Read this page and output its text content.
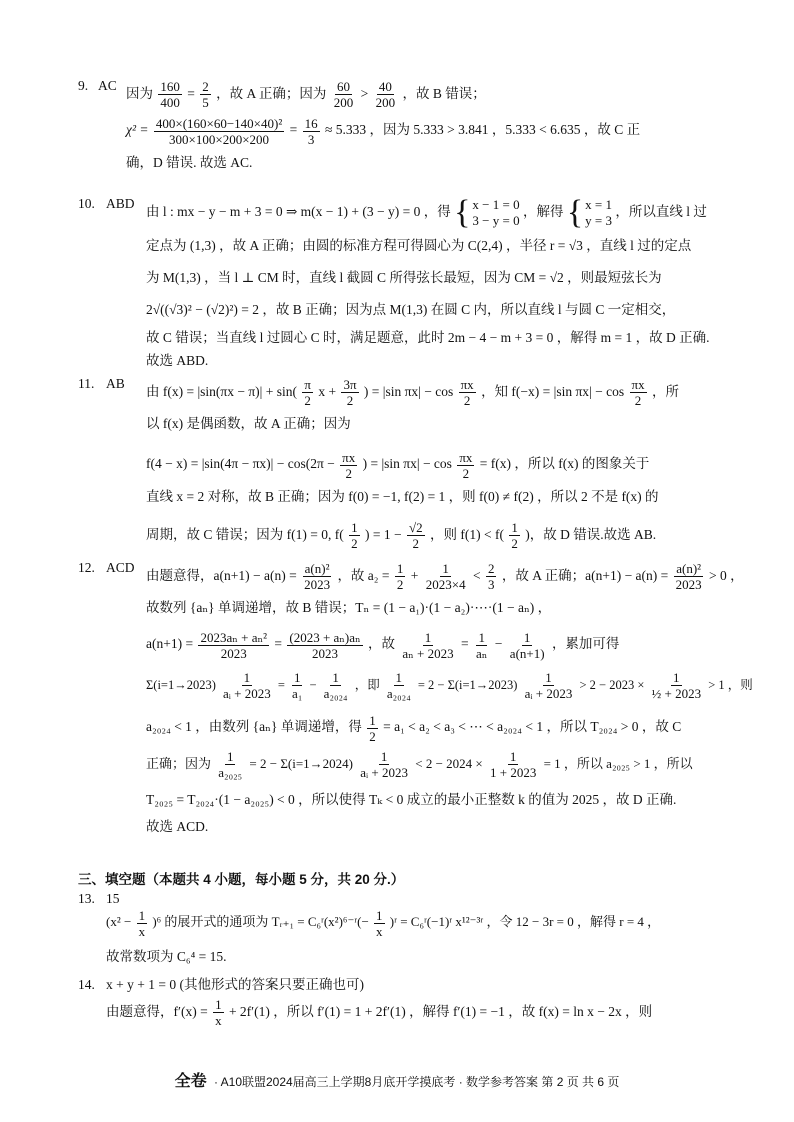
9. AC
因为 $\frac{160}{400} = \frac{2}{5}$ ，故 A 正确；因为 $\frac{60}{200} > \frac{40}{200}$ ，故 B 错误；
$\chi^2 = \frac{\text{400×(160×60−140×40)²}}{300\times 100\times 200\times 200} = \frac{16}{3} \approx 5.333$ ，因为 5.333 > 3.841 ，5.333 < 6.635 ，故 C 正
确，D 错误. 故选 AC.
10. ABD
由 l : mx − y − m + 3 = 0 ⇒ m(x − 1) + (3 − y) = 0 ，得 { x − 1 = 0
3 − y = 0
，解得 { x = 1
y = 3
，所以直线 l 过
定点为 (1,3) ，故 A 正确；由圆的标准方程可得圆心为 C(2,4) ，半径 r = √3 ，直线 l 过的定点
为 M(1,3) ，当 l ⊥ CM 时，直线 l 截圆 C 所得弦长最短，因为 CM = √2 ，则最短弦长为
2√((√3)² − (√2)²) = 2 ，故 B 正确；因为点 M(1,3) 在圆 C 内，所以直线 l 与圆 C 一定相交，
故 C 错误；当直线 l 过圆心 C 时，满足题意，此时 2m − 4 − m + 3 = 0 ，解得 m = 1 ，故 D 正确.
故选 ABD.
11. AB
由 $f(x) = |\sin(\pi x - \pi)| + \sin( \frac{\pi}{2}$ $x + \frac{3\pi}{2}$ ) = |sin $\pi x| - \cos \frac{\pi x}{2}$ ，知 f(−x) = |sin $\pi x| - \cos \frac{\pi x}{2}$ ，所
以 f(x) 是偶函数，故 A 正确；因为
$f(4 - x) = |\sin(4\pi - \pi x)| - \cos(2\pi - \frac{\pi x}{2}$ ) = |sin $\pi x| - \cos \frac{\pi x}{2} = f(x)$ ，所以 f(x) 的图象关于
直线 x = 2 对称，故 B 正确；因为 f(0) = −1, f(2) = 1 ，则 f(0) ≠ f(2) ，所以 2 不是 f(x) 的
周期，故 C 错误；因为 f(1) = 0, $f( \frac{1}{2}$ ) = $1 - \frac{√2}{2}$ ，则 $f(1) < f( \frac{1}{2}$ )，故 D 错误.故选 AB.
12. ACD
由题意得，$a(n+1) - a(n) = \frac{\text{a(n)²}}{2023}$ ，故 $a_2 = \frac{1}{2} + \frac{1}{2023\times 4} < \frac{2}{3}$ ，故 A 正确；$a(n+1) - a(n) = \frac{\text{a(n)²}}{2023} > 0$ ，
故数列 {aₙ} 单调递增，故 B 错误；Tₙ = (1 − a₁)·(1 − a₂)·⋯·(1 − aₙ) ，
$a(n+1) = \frac{\text{2023aₙ + aₙ²}}{2023} = \frac{\text{(2023 + aₙ)aₙ}}{2023}$ ，故 $\frac{1}{\text{aₙ + 2023}} = \frac{1}{\text{aₙ}} - \frac{1}{a(n+1)}$ ，累加可得
$\Sigma(i=1\to 2023) \frac{1}{\text{aᵢ + 2023}} = \frac{1}{\text{a₁}} - \frac{1}{\text{a₂₀₂₄}}$ ，即 $\frac{1}{\text{a₂₀₂₄}} = 2 - \Sigma(i=1\to 2023) \frac{1}{\text{aᵢ + 2023}} > 2 - 2023 \times \frac{1}{\text{½ + 2023}} > 1$ ，则
a₂₀₂₄ < 1 ，由数列 {aₙ} 单调递增，得 $\frac{1}{2} = a_1 < a_2 < a_3$ < ⋯ < a₂₀₂₄ < 1 ，所以 T₂₀₂₄ > 0 ，故 C
正确；因为 $\frac{1}{\text{a₂₀₂₅}} = 2 - \Sigma(i=1\to 2024) \frac{1}{\text{aᵢ + 2023}} < 2 - 2024 \times \frac{1}{1 + 2023} = 1$ ，所以 a₂₀₂₅ > 1 ，所以
T₂₀₂₅ = T₂₀₂₄·(1 − a₂₀₂₅) < 0 ，所以使得 Tₖ < 0 成立的最小正整数 k 的值为 2025 ，故 D 正确.
故选 ACD.
三、填空题（本题共 4 小题，每小题 5 分，共 20 分.）
13. 15
$(x^2 - \frac{1}{x} )^6$ 的展开式的通项为 Tᵣ₊₁ = C₆ʳ(x²)⁶⁻ʳ(− $\frac{1}{x}$ )ʳ = C₆ʳ(−1)ʳ x¹²⁻³ʳ ，令 12 − 3r = 0 ，解得 r = 4 ，
故常数项为 C₆⁴ = 15.
14. x + y + 1 = 0 (其他形式的答案只要正确也可)
由题意得，$f'(x) = \frac{1}{x} + 2f'(1)$ ，所以 f′(1) = 1 + 2f′(1) ，解得 f′(1) = −1 ，故 f(x) = ln x − 2x ，则
全卷 · A10联盟2024届高三上学期8月底开学摸底考 · 数学参考答案 第 2 页 共 6 页
